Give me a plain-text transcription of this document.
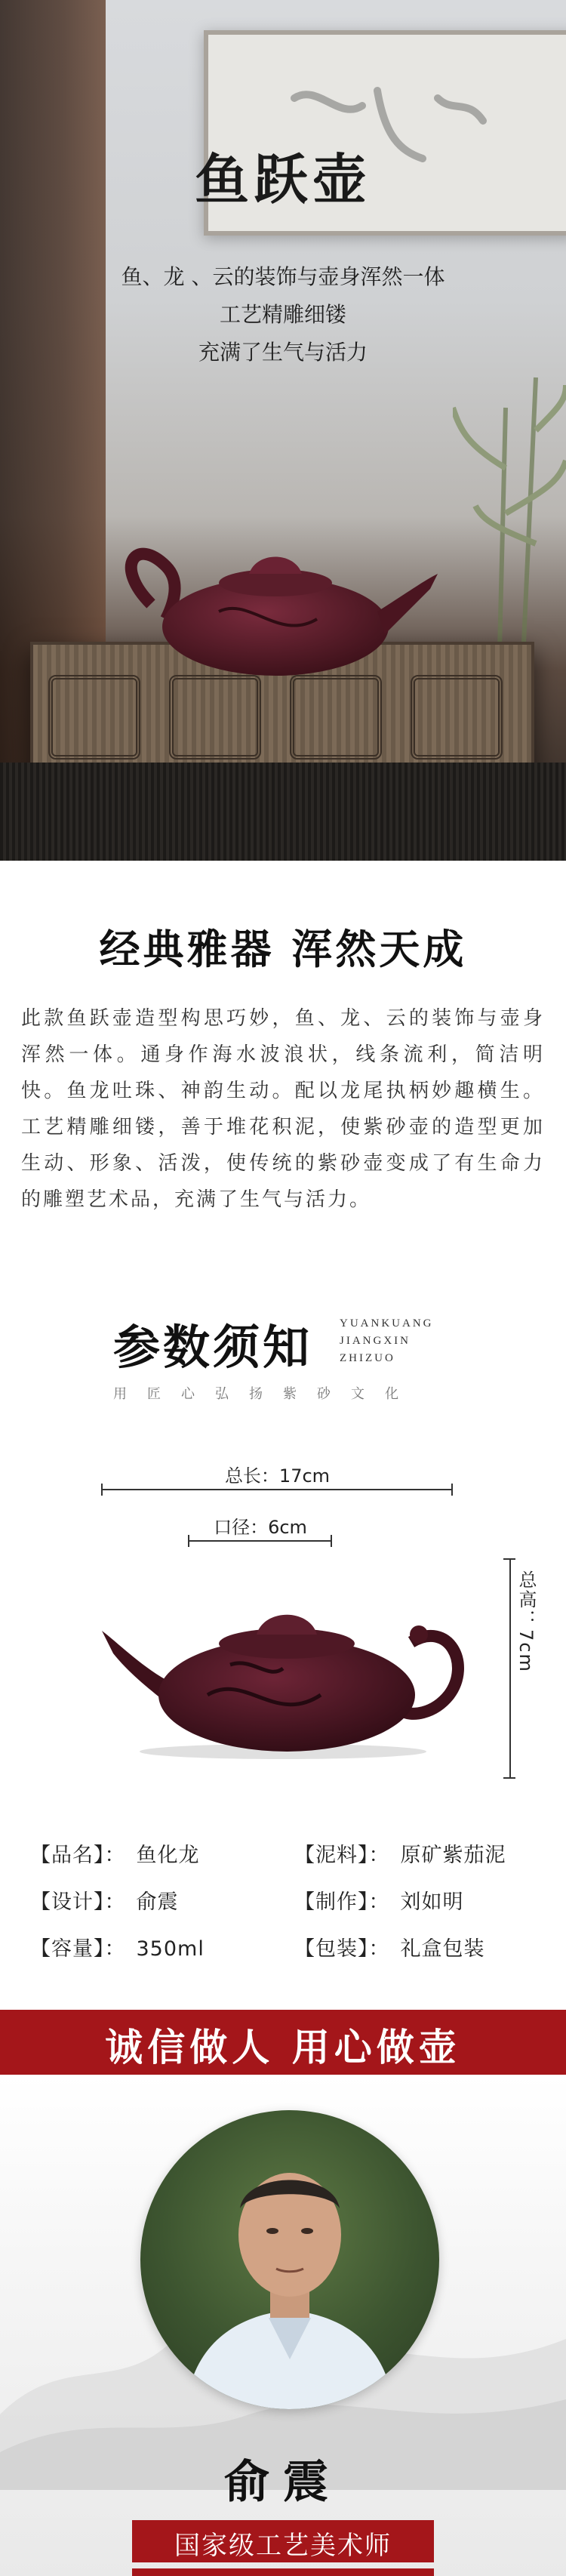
鱼跃壶
鱼、龙 、云的装饰与壶身浑然一体
工艺精雕细镂
充满了生气与活力
经典雅器 浑然天成
此款鱼跃壶造型构思巧妙，鱼、龙、云的装饰与壶身浑然一体。通身作海水波浪状，线条流利，简洁明快。鱼龙吐珠、神韵生动。配以龙尾执柄妙趣横生。工艺精雕细镂，善于堆花积泥，使紫砂壶的造型更加 生动、形象、活泼，使传统的紫砂壶变成了有生命力的雕塑艺术品，充满了生气与活力。
参数须知 YUANKUANG
JIANGXIN
ZHIZUO
用匠心弘扬紫砂文化
总长：17cm
口径：6cm
总高：7cm
【品名】： 鱼化龙	【泥料】： 原矿紫茄泥
【设计】： 俞震	【制作】： 刘如明
【容量】： 350ml	【包装】： 礼盒包装
诚信做人 用心做壶
俞震
国家级工艺美术师
